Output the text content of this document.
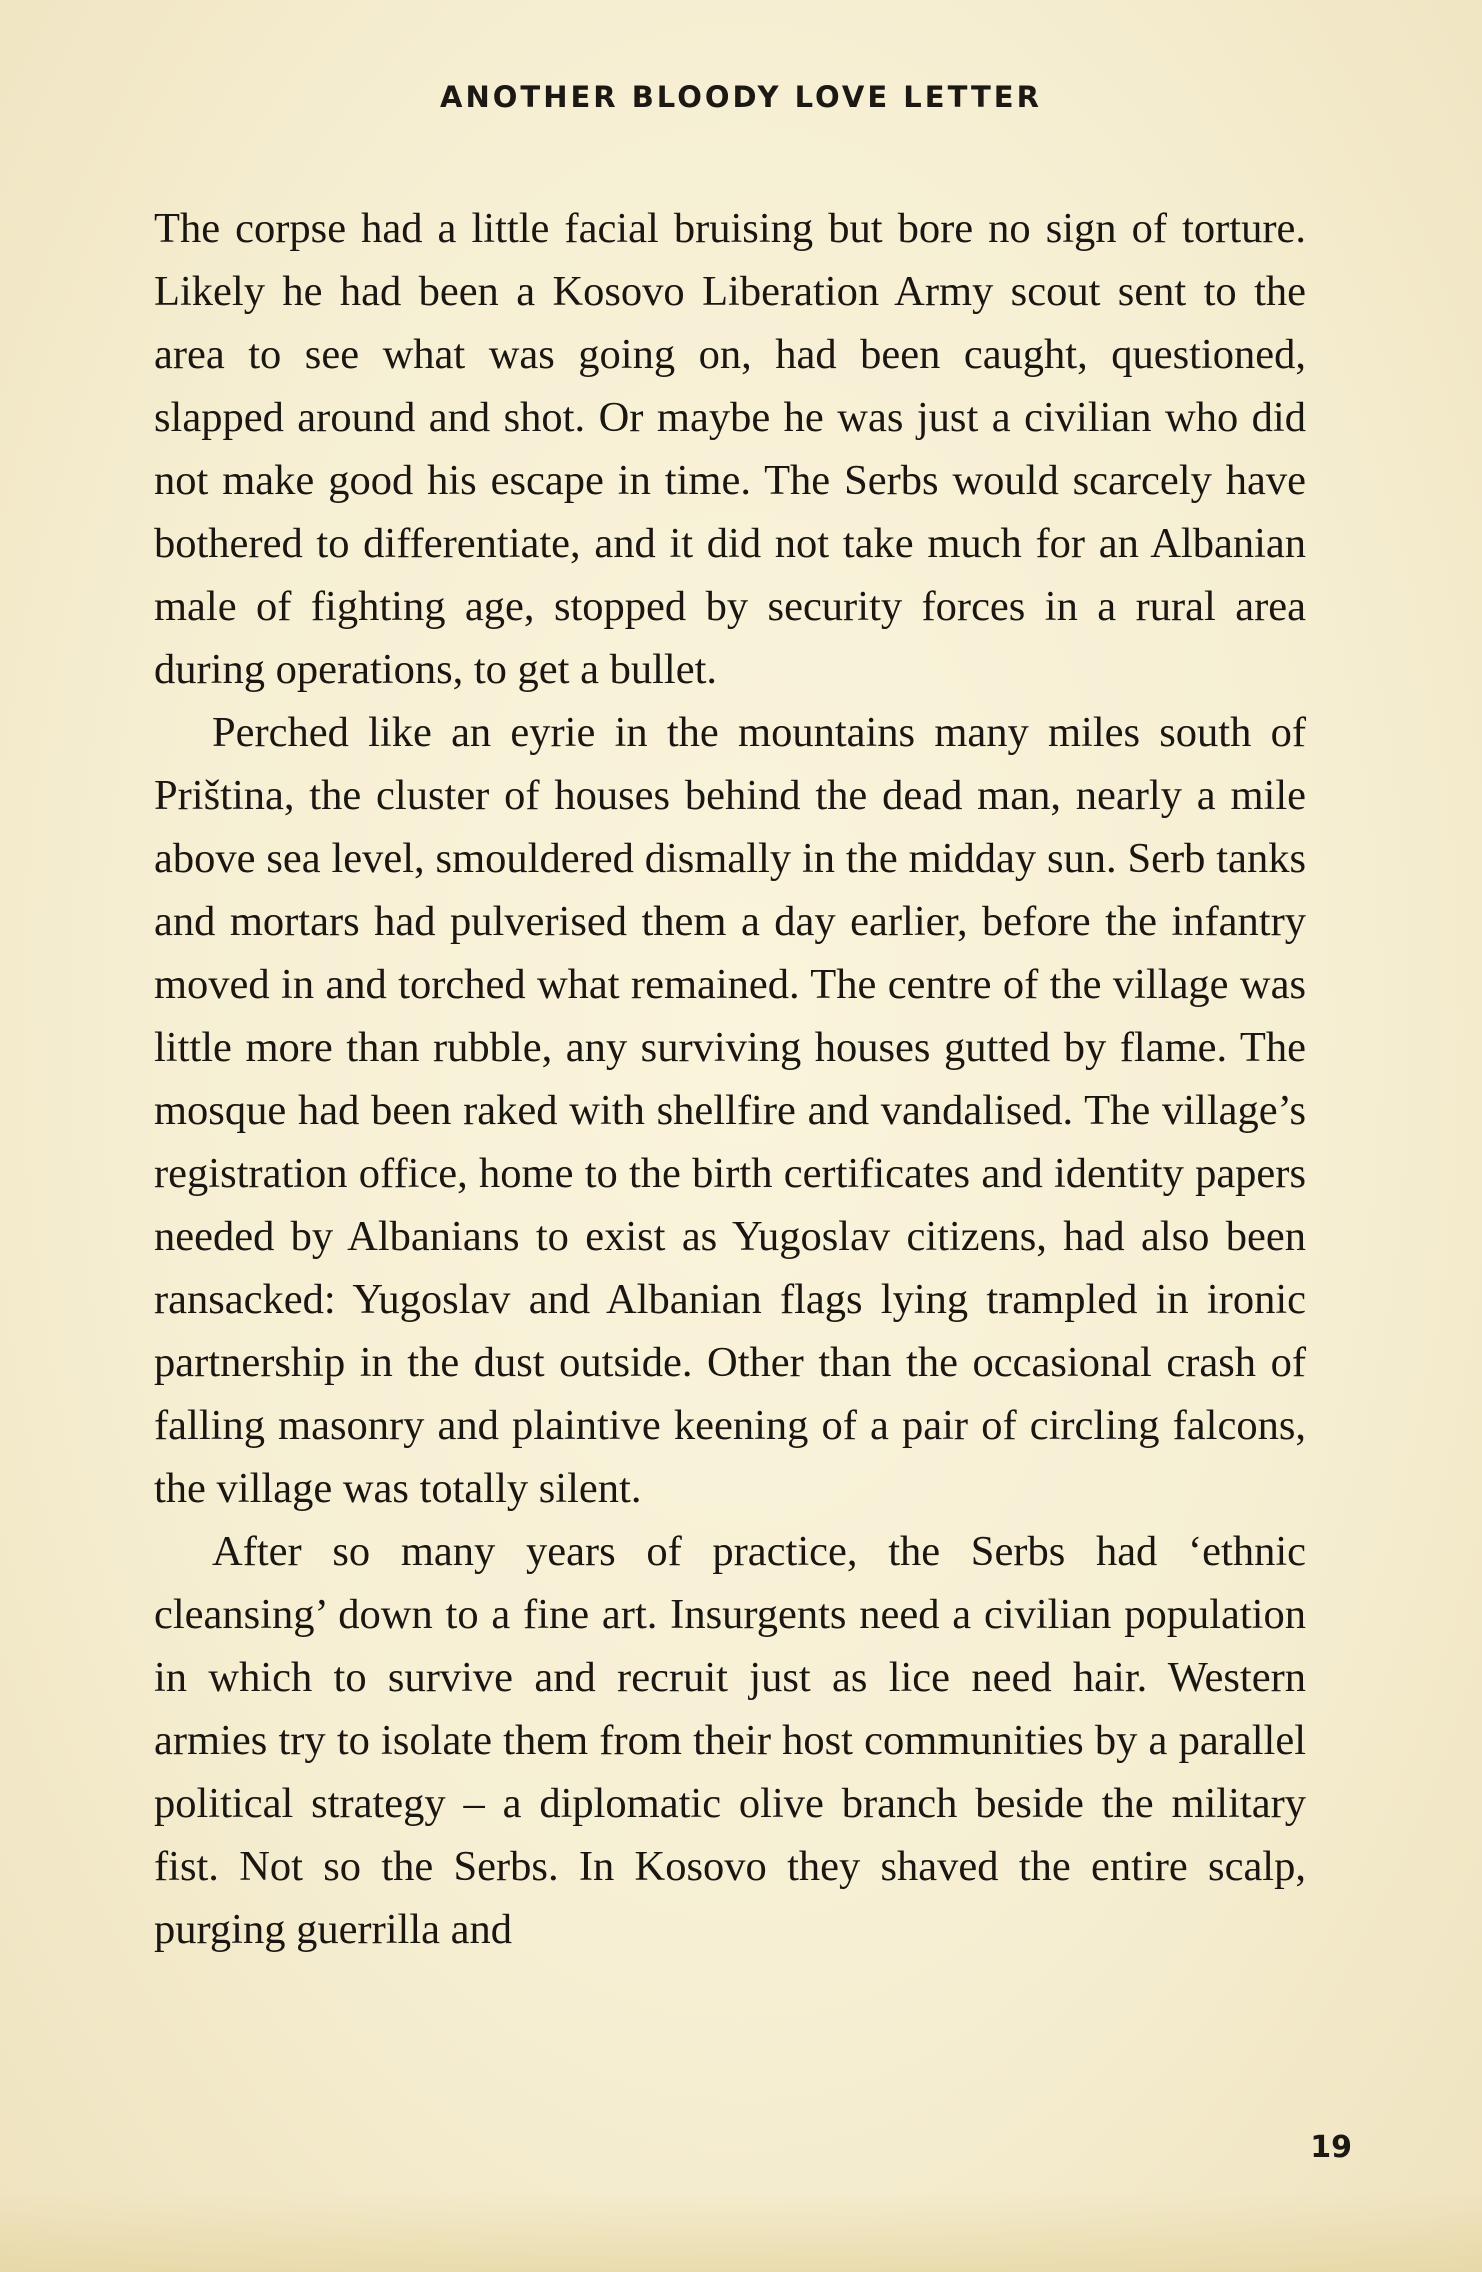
ANOTHER BLOODY LOVE LETTER

The corpse had a little facial bruising but bore no sign of torture. Likely he had been a Kosovo Liberation Army scout sent to the area to see what was going on, had been caught, questioned, slapped around and shot. Or maybe he was just a civilian who did not make good his escape in time. The Serbs would scarcely have bothered to differentiate, and it did not take much for an Albanian male of fighting age, stopped by security forces in a rural area during operations, to get a bullet.

Perched like an eyrie in the mountains many miles south of Priština, the cluster of houses behind the dead man, nearly a mile above sea level, smouldered dismally in the midday sun. Serb tanks and mortars had pulverised them a day earlier, before the infantry moved in and torched what remained. The centre of the village was little more than rubble, any surviving houses gutted by flame. The mosque had been raked with shellfire and vandalised. The village’s registration office, home to the birth certificates and identity papers needed by Albanians to exist as Yugoslav citizens, had also been ransacked: Yugoslav and Albanian flags lying trampled in ironic partnership in the dust outside. Other than the occasional crash of falling masonry and plaintive keening of a pair of circling falcons, the village was totally silent.

After so many years of practice, the Serbs had ‘ethnic cleansing’ down to a fine art. Insurgents need a civilian population in which to survive and recruit just as lice need hair. Western armies try to isolate them from their host communities by a parallel political strategy – a diplomatic olive branch beside the military fist. Not so the Serbs. In Kosovo they shaved the entire scalp, purging guerrilla and

19
